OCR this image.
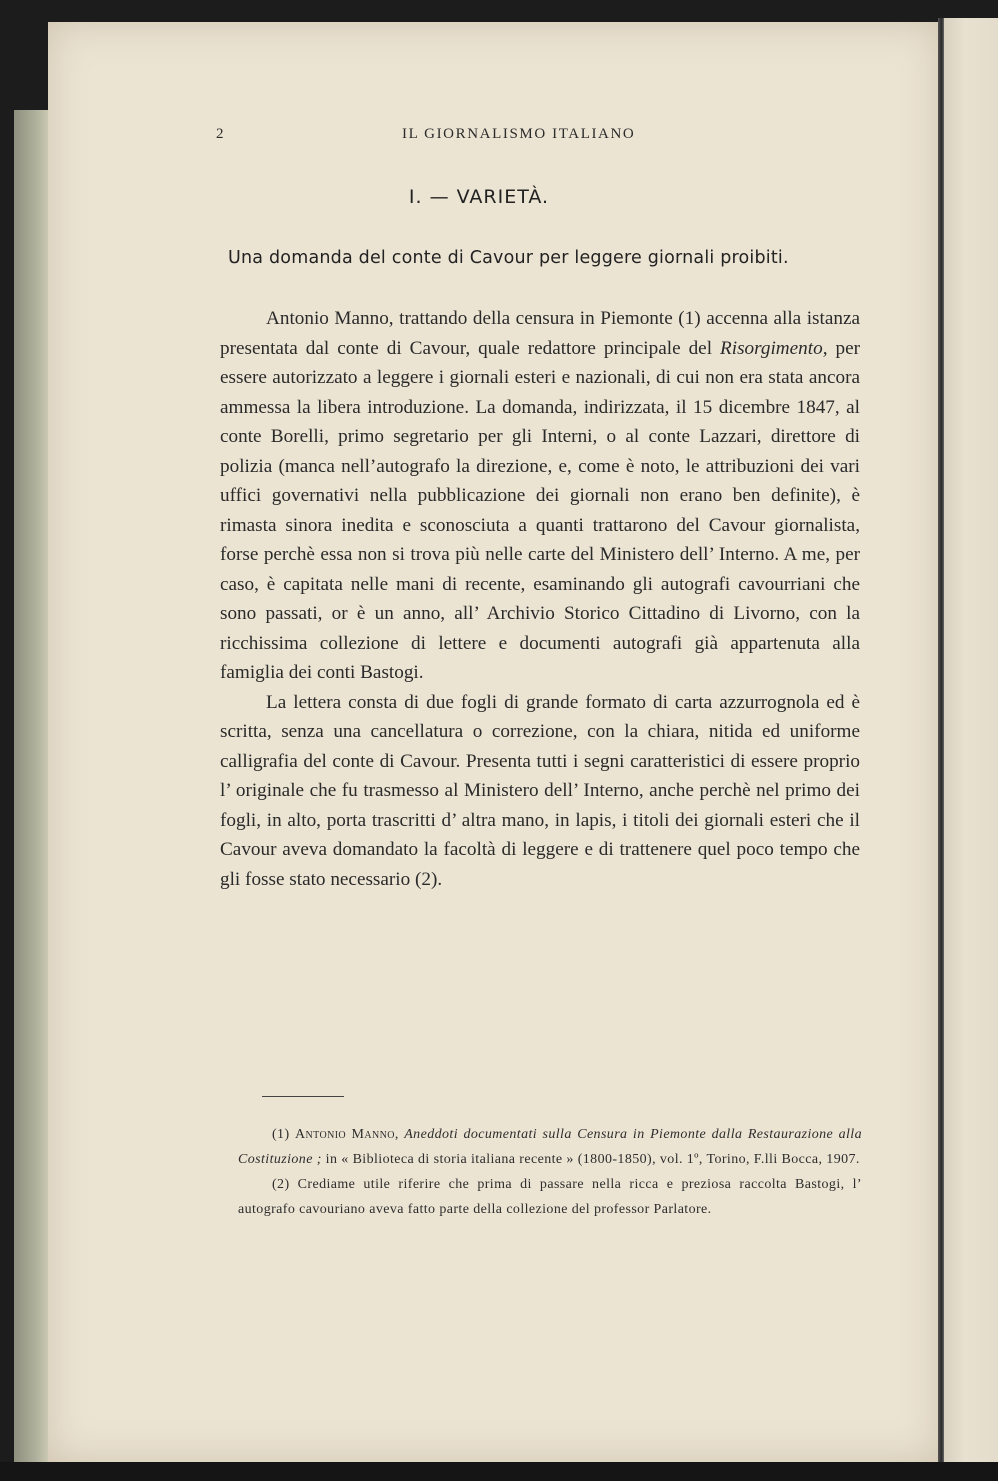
2	IL GIORNALISMO ITALIANO
I. — VARIETÀ.
Una domanda del conte di Cavour per leggere giornali proibiti.

Antonio Manno, trattando della censura in Piemonte (1) accenna alla istanza presentata dal conte di Cavour, quale redattore principale del Risorgimento, per essere autorizzato a leggere i giornali esteri e nazionali, di cui non era stata ancora ammessa la libera introduzione. La domanda, indirizzata, il 15 dicembre 1847, al conte Borelli, primo segretario per gli Interni, o al conte Lazzari, direttore di polizia (manca nell’autografo la direzione, e, come è noto, le attribuzioni dei vari uffici governativi nella pubblicazione dei giornali non erano ben definite), è rimasta sinora inedita e sconosciuta a quanti trattarono del Cavour giornalista, forse perchè essa non si trova più nelle carte del Ministero dell’ Interno. A me, per caso, è capitata nelle mani di recente, esaminando gli autografi cavourriani che sono passati, or è un anno, all’ Archivio Storico Cittadino di Livorno, con la ricchissima collezione di lettere e documenti autografi già appartenuta alla famiglia dei conti Bastogi.

La lettera consta di due fogli di grande formato di carta azzurrognola ed è scritta, senza una cancellatura o correzione, con la chiara, nitida ed uniforme calligrafia del conte di Cavour. Presenta tutti i segni caratteristici di essere proprio l’ originale che fu trasmesso al Ministero dell’ Interno, anche perchè nel primo dei fogli, in alto, porta trascritti d’ altra mano, in lapis, i titoli dei giornali esteri che il Cavour aveva domandato la facoltà di leggere e di trattenere quel poco tempo che gli fosse stato necessario (2).

(1) Antonio Manno, Aneddoti documentati sulla Censura in Piemonte dalla Restaurazione alla Costituzione ; in « Biblioteca di storia italiana recente » (1800-1850), vol. 1º, Torino, F.lli Bocca, 1907.

(2) Crediame utile riferire che prima di passare nella ricca e preziosa raccolta Bastogi, l’ autografo cavouriano aveva fatto parte della collezione del professor Parlatore.
